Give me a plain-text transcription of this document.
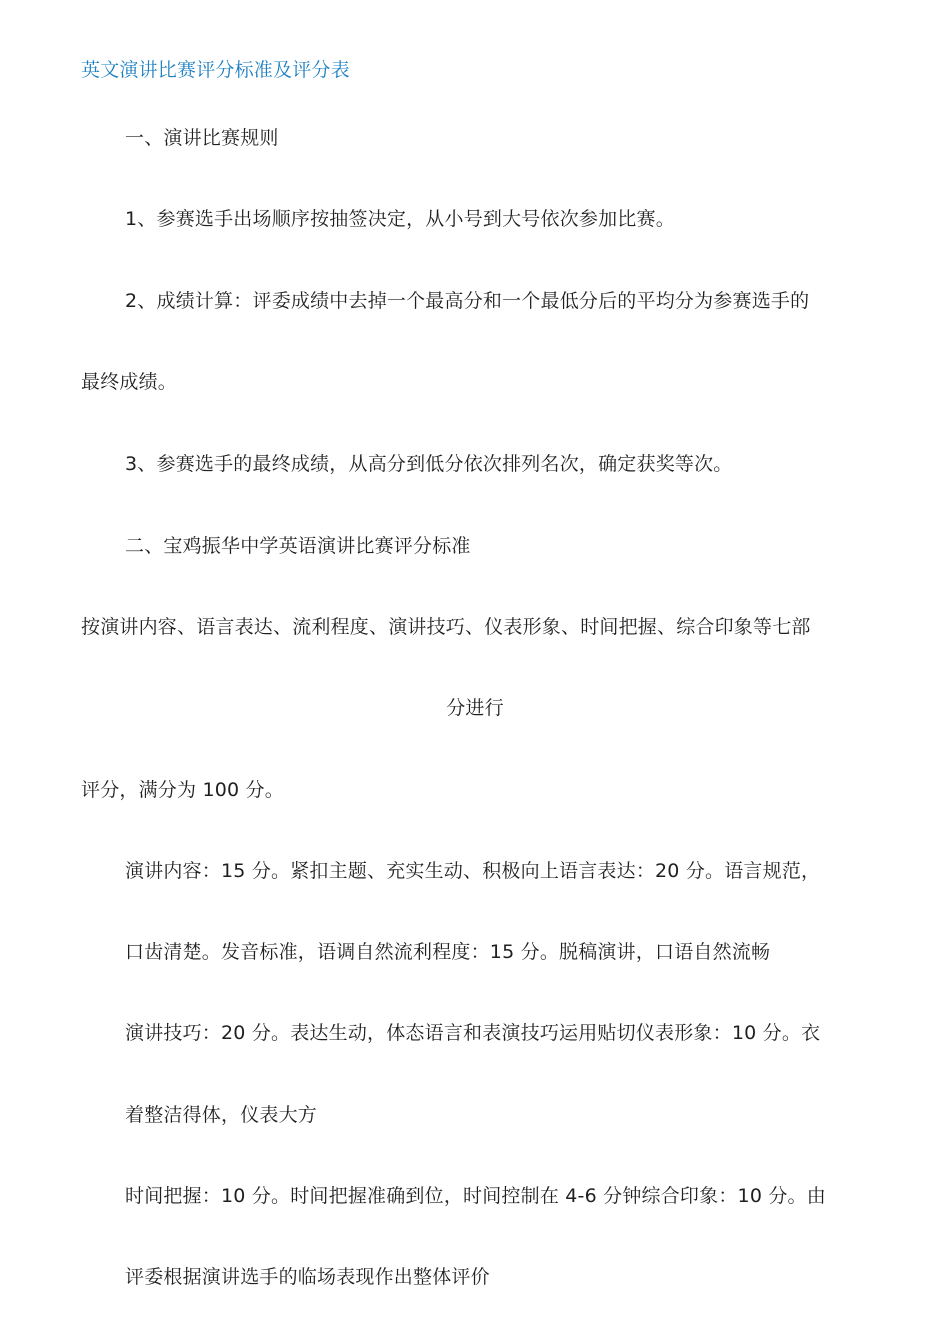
英文演讲比赛评分标准及评分表
一、演讲比赛规则
1、参赛选手出场顺序按抽签决定，从小号到大号依次参加比赛。
2、成绩计算：评委成绩中去掉一个最高分和一个最低分后的平均分为参赛选手的
最终成绩。
3、参赛选手的最终成绩，从高分到低分依次排列名次，确定获奖等次。
二、宝鸡振华中学英语演讲比赛评分标准
按演讲内容、语言表达、流利程度、演讲技巧、仪表形象、时间把握、综合印象等七部
分进行
评分，满分为 100 分。
演讲内容：15 分。紧扣主题、充实生动、积极向上语言表达：20 分。语言规范，
口齿清楚。发音标准，语调自然流利程度：15 分。脱稿演讲，口语自然流畅
演讲技巧：20 分。表达生动，体态语言和表演技巧运用贴切仪表形象：10 分。衣
着整洁得体，仪表大方
时间把握：10 分。时间把握准确到位，时间控制在 4-6 分钟综合印象：10 分。由
评委根据演讲选手的临场表现作出整体评价
